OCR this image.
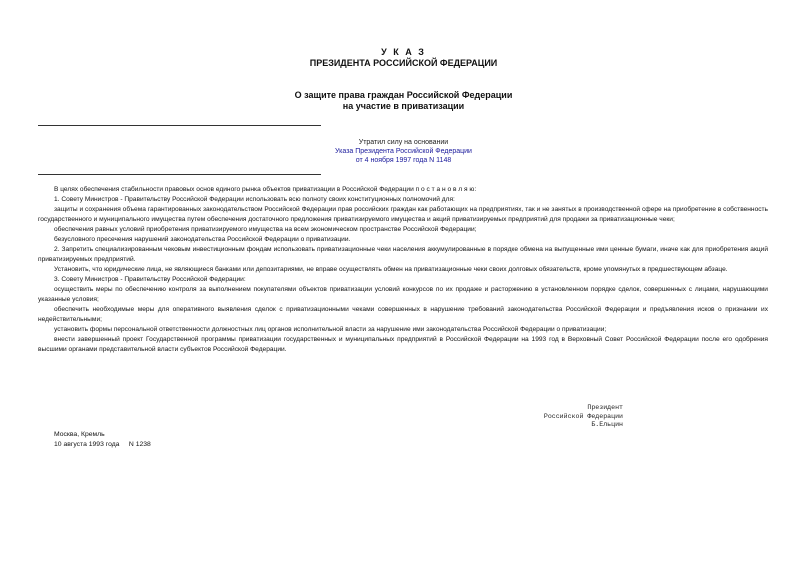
У К А З
ПРЕЗИДЕНТА РОССИЙСКОЙ ФЕДЕРАЦИИ
О защите права граждан Российской Федерации
на участие в приватизации
Утратил силу на основании
Указа Президента Российской Федерации
от 4 ноября 1997 года N 1148

В целях обеспечения стабильности правовых основ единого рынка объектов приватизации в Российской Федерации п о с т а н о в л я ю:

1. Совету Министров - Правительству Российской Федерации использовать всю полноту своих конституционных полномочий для:

защиты и сохранения объема гарантированных законодательством Российской Федерации прав российских граждан как работающих на предприятиях, так и не занятых в производственной сфере на приобретение в собственность государственного и муниципального имущества путем обеспечения достаточного предложения приватизируемого имущества и акций приватизируемых предприятий для продажи за приватизационные чеки;

обеспечения равных условий приобретения приватизируемого имущества на всем экономическом пространстве Российской Федерации;

безусловного пресечения нарушений законодательства Российской Федерации о приватизации.

2. Запретить специализированным чековым инвестиционным фондам использовать приватизационные чеки населения аккумулированные в порядке обмена на выпущенные ими ценные бумаги, иначе как для приобретения акций приватизируемых предприятий.

Установить, что юридические лица, не являющиеся банками или депозитариями, не вправе осуществлять обмен на приватизационные чеки своих долговых обязательств, кроме упомянутых в предшествующем абзаце.

3. Совету Министров - Правительству Российской Федерации:

осуществить меры по обеспечению контроля за выполнением покупателями объектов приватизации условий конкурсов по их продаже и расторжению в установленном порядке сделок, совершенных с лицами, нарушающими указанные условия;

обеспечить необходимые меры для оперативного выявления сделок с приватизационными чеками совершенных в нарушение требований законодательства Российской Федерации и предъявления исков о признании их недействительными;

установить формы персональной ответственности должностных лиц органов исполнительной власти за нарушение ими законодательства Российской Федерации о приватизации;

внести завершенный проект Государственной программы приватизации государственных и муниципальных предприятий в Российской Федерации на 1993 год в Верховный Совет Российской Федерации после его одобрения высшими органами представительной власти субъектов Российской Федерации.

Президент
Российской Федерации
Б.Ельцин
Москва, Кремль
10 августа 1993 года     N 1238
